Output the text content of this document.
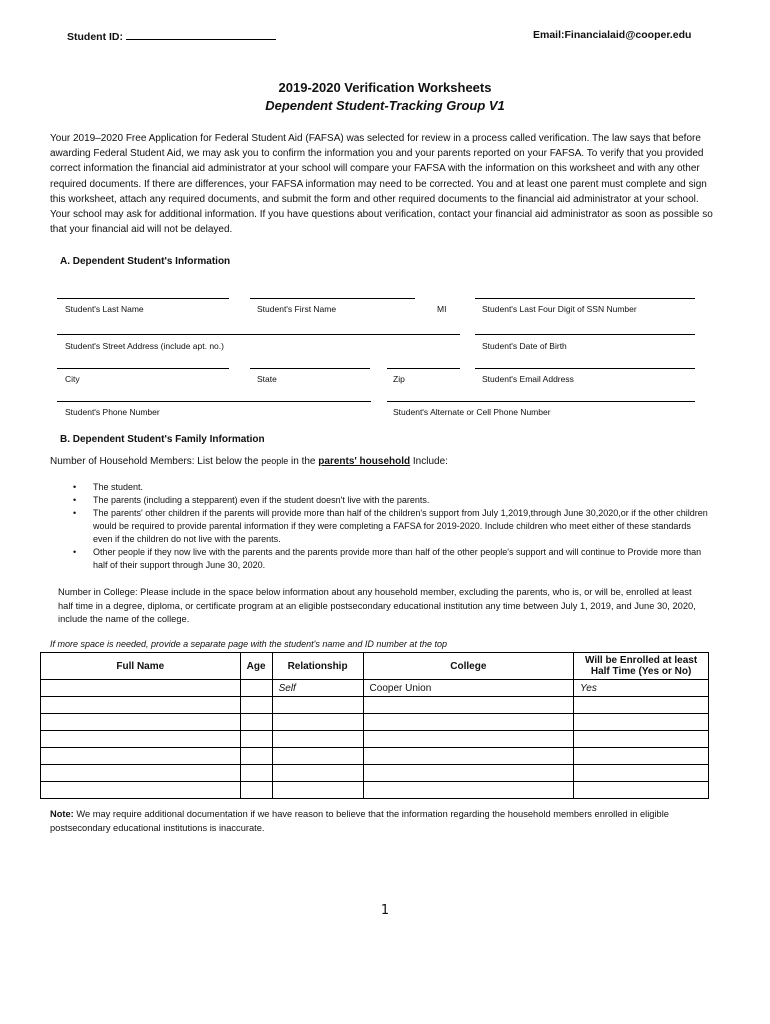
Student ID:	Email:Financialaid@cooper.edu
2019-2020 Verification Worksheets
Dependent Student-Tracking Group V1
Your 2019–2020 Free Application for Federal Student Aid (FAFSA) was selected for review in a process called verification. The law says that before awarding Federal Student Aid, we may ask you to confirm the information you and your parents reported on your FAFSA. To verify that you provided correct information the financial aid administrator at your school will compare your FAFSA with the information on this worksheet and with any other required documents. If there are differences, your FAFSA information may need to be corrected. You and at least one parent must complete and sign this worksheet, attach any required documents, and submit the form and other required documents to the financial aid administrator at your school. Your school may ask for additional information. If you have questions about verification, contact your financial aid administrator as soon as possible so that your financial aid will not be delayed.
A. Dependent Student's Information
Student's Last Name	Student's First Name	MI	Student's Last Four Digit of SSN Number
Student's Street Address (include apt. no.)	Student's Date of Birth
City	State	Zip	Student's Email Address
Student's Phone Number	Student's Alternate or Cell Phone Number
B. Dependent Student's Family Information
Number of Household Members: List below the people in the parents' household Include:
• The student.
• The parents (including a stepparent) even if the student doesn't live with the parents.
• The parents' other children if the parents will provide more than half of the children's support from July 1,2019,through June 30,2020,or if the other children would be required to provide parental information if they were completing a FAFSA for 2019-2020. Include children who meet either of these standards even if the children do not live with the parents.
• Other people if they now live with the parents and the parents provide more than half of the other people's support and will continue to Provide more than half of their support through June 30, 2020.
Number in College: Please include in the space below information about any household member, excluding the parents, who is, or will be, enrolled at least half time in a degree, diploma, or certificate program at an eligible postsecondary educational institution any time between July 1, 2019, and June 30, 2020, include the name of the college.
If more space is needed, provide a separate page with the student's name and ID number at the top
Full Name	Age	Relationship	College	Will be Enrolled at least Half Time (Yes or No)
		Self	Cooper Union	Yes

Note: We may require additional documentation if we have reason to believe that the information regarding the household members enrolled in eligible postsecondary educational institutions is inaccurate.
1
